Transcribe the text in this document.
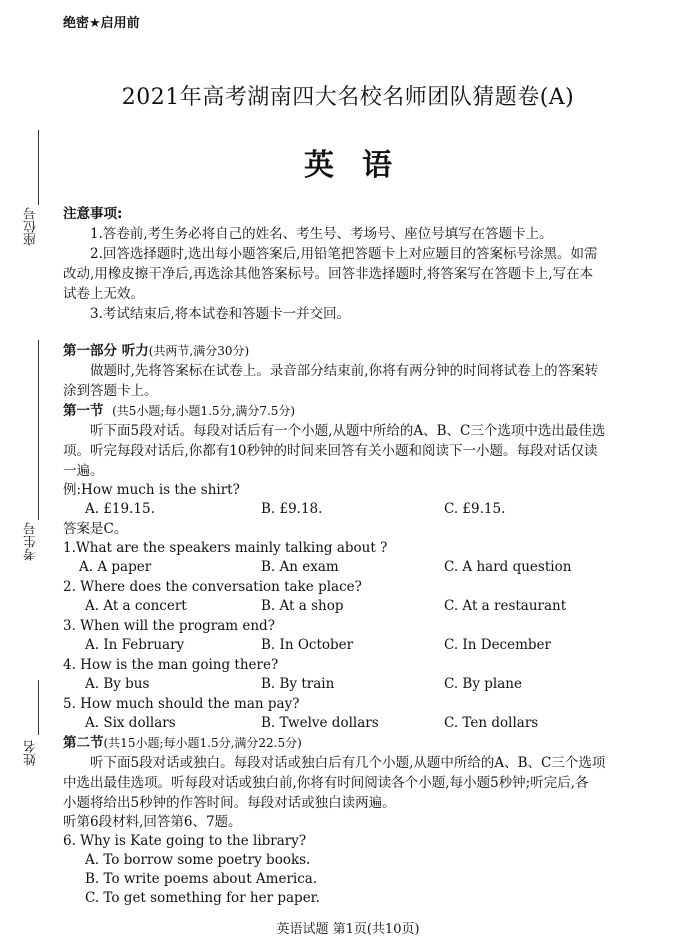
绝密★启用前
2021年高考湖南四大名校名师团队猜题卷(A)
英语
座位号
考生号
姓名
注意事项:
1.答卷前,考生务必将自己的姓名、考生号、考场号、座位号填写在答题卡上。
2.回答选择题时,选出每小题答案后,用铅笔把答题卡上对应题目的答案标号涂黑。如需
改动,用橡皮擦干净后,再选涂其他答案标号。回答非选择题时,将答案写在答题卡上,写在本
试卷上无效。
3.考试结束后,将本试卷和答题卡一并交回。
第一部分 听力(共两节,满分30分)
做题时,先将答案标在试卷上。录音部分结束前,你将有两分钟的时间将试卷上的答案转
涂到答题卡上。
第一节 (共5小题;每小题1.5分,满分7.5分)
听下面5段对话。每段对话后有一个小题,从题中所给的A、B、C三个选项中选出最佳选
项。听完每段对话后,你都有10秒钟的时间来回答有关小题和阅读下一小题。每段对话仅读
一遍。
例:How much is the shirt?
A. £19.15.	B. £9.18.	C. £9.15.
答案是C。
1.What are the speakers mainly talking about ?
A. A paper	B. An exam	C. A hard question
2. Where does the conversation take place?
A. At a concert	B. At a shop	C. At a restaurant
3. When will the program end?
A. In February	B. In October	C. In December
4. How is the man going there?
A. By bus	B. By train	C. By plane
5. How much should the man pay?
A. Six dollars	B. Twelve dollars	C. Ten dollars
第二节(共15小题;每小题1.5分,满分22.5分)
听下面5段对话或独白。每段对话或独白后有几个小题,从题中所给的A、B、C三个选项
中选出最佳选项。听每段对话或独白前,你将有时间阅读各个小题,每小题5秒钟;听完后,各
小题将给出5秒钟的作答时间。每段对话或独白读两遍。
听第6段材料,回答第6、7题。
6. Why is Kate going to the library?
A. To borrow some poetry books.
B. To write poems about America.
C. To get something for her paper.
英语试题 第1页(共10页)
